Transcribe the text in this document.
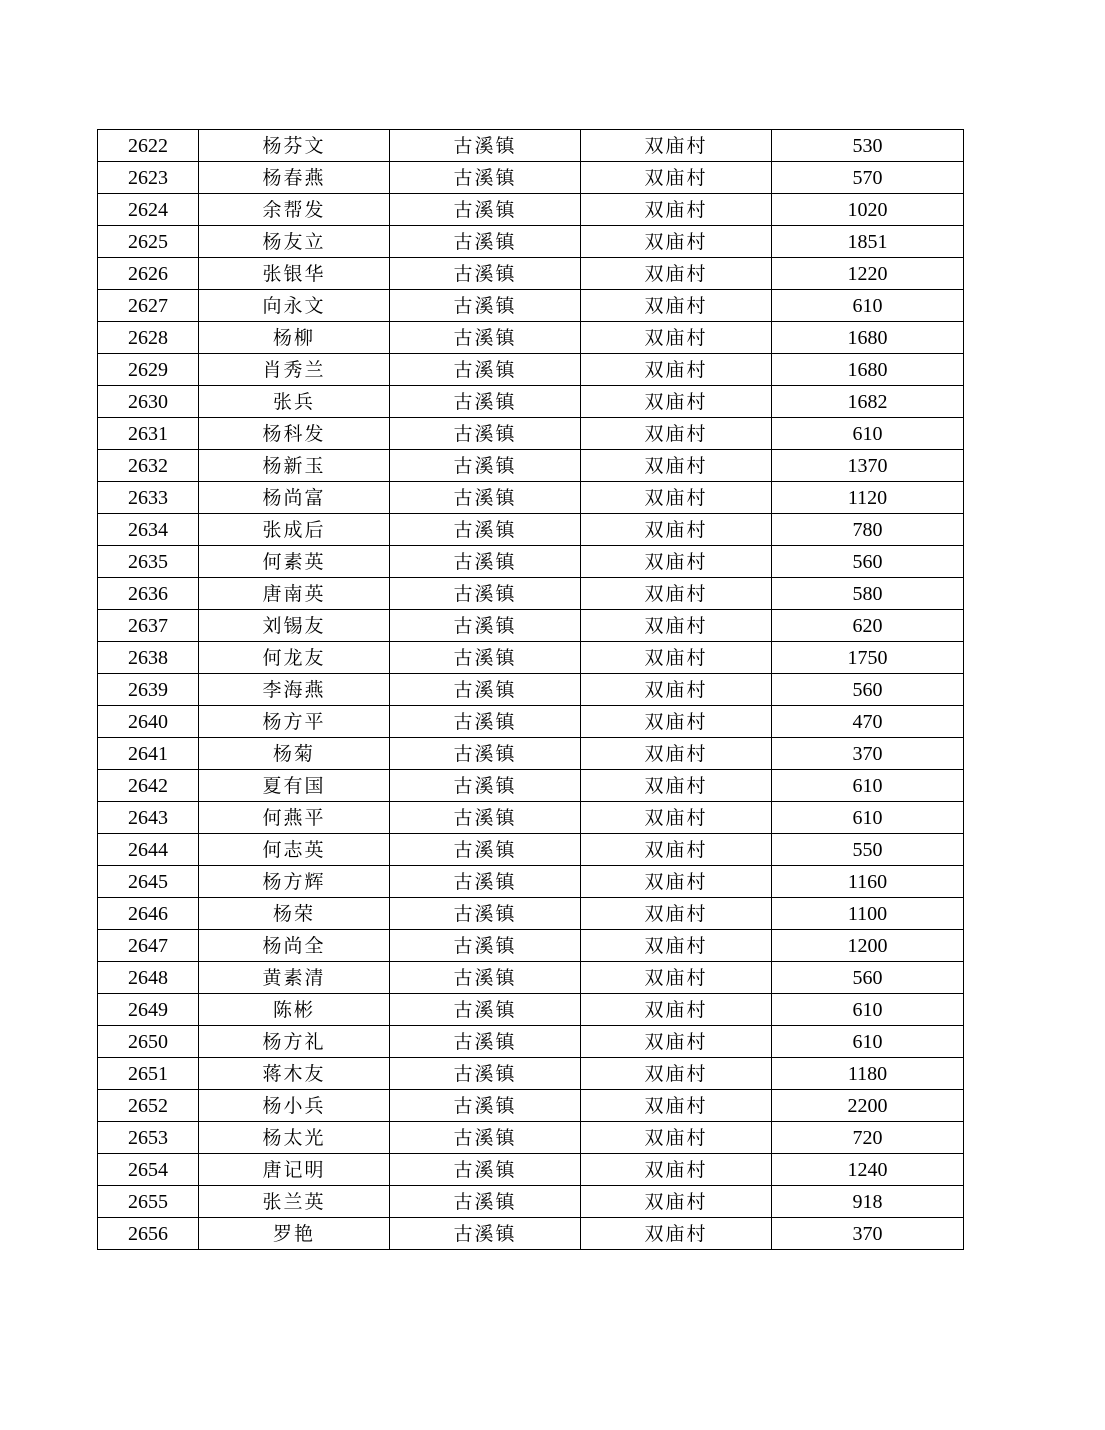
2622	杨芬文	古溪镇	双庙村	530
2623	杨春燕	古溪镇	双庙村	570
2624	余帮发	古溪镇	双庙村	1020
2625	杨友立	古溪镇	双庙村	1851
2626	张银华	古溪镇	双庙村	1220
2627	向永文	古溪镇	双庙村	610
2628	杨柳	古溪镇	双庙村	1680
2629	肖秀兰	古溪镇	双庙村	1680
2630	张兵	古溪镇	双庙村	1682
2631	杨科发	古溪镇	双庙村	610
2632	杨新玉	古溪镇	双庙村	1370
2633	杨尚富	古溪镇	双庙村	1120
2634	张成后	古溪镇	双庙村	780
2635	何素英	古溪镇	双庙村	560
2636	唐南英	古溪镇	双庙村	580
2637	刘锡友	古溪镇	双庙村	620
2638	何龙友	古溪镇	双庙村	1750
2639	李海燕	古溪镇	双庙村	560
2640	杨方平	古溪镇	双庙村	470
2641	杨菊	古溪镇	双庙村	370
2642	夏有国	古溪镇	双庙村	610
2643	何燕平	古溪镇	双庙村	610
2644	何志英	古溪镇	双庙村	550
2645	杨方辉	古溪镇	双庙村	1160
2646	杨荣	古溪镇	双庙村	1100
2647	杨尚全	古溪镇	双庙村	1200
2648	黄素清	古溪镇	双庙村	560
2649	陈彬	古溪镇	双庙村	610
2650	杨方礼	古溪镇	双庙村	610
2651	蒋木友	古溪镇	双庙村	1180
2652	杨小兵	古溪镇	双庙村	2200
2653	杨太光	古溪镇	双庙村	720
2654	唐记明	古溪镇	双庙村	1240
2655	张兰英	古溪镇	双庙村	918
2656	罗艳	古溪镇	双庙村	370
